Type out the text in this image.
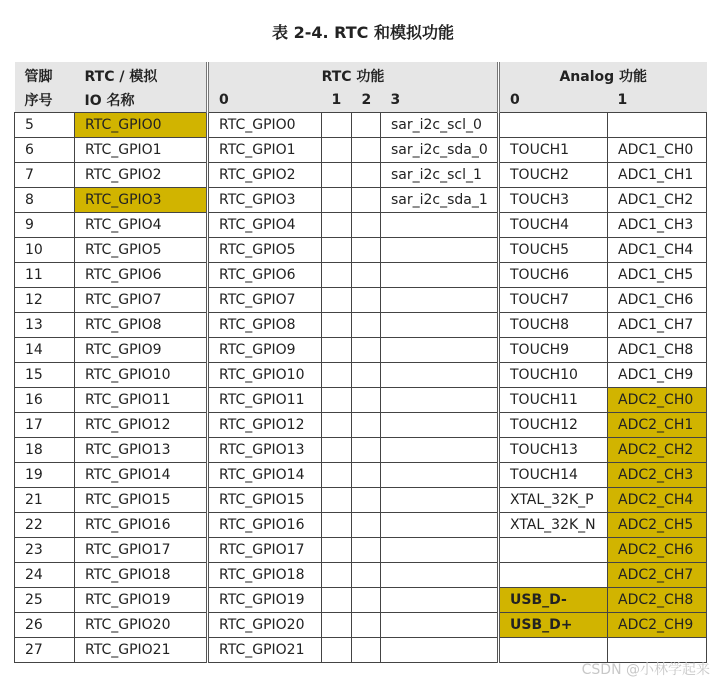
表 2-4. RTC 和模拟功能
管脚	RTC / 模拟	RTC 功能				Analog 功能	
序号	IO 名称	0	1	2	3	0	1
5	RTC_GPIO0	RTC_GPIO0			sar_i2c_scl_0		
6	RTC_GPIO1	RTC_GPIO1			sar_i2c_sda_0	TOUCH1	ADC1_CH0
7	RTC_GPIO2	RTC_GPIO2			sar_i2c_scl_1	TOUCH2	ADC1_CH1
8	RTC_GPIO3	RTC_GPIO3			sar_i2c_sda_1	TOUCH3	ADC1_CH2
9	RTC_GPIO4	RTC_GPIO4				TOUCH4	ADC1_CH3
10	RTC_GPIO5	RTC_GPIO5				TOUCH5	ADC1_CH4
11	RTC_GPIO6	RTC_GPIO6				TOUCH6	ADC1_CH5
12	RTC_GPIO7	RTC_GPIO7				TOUCH7	ADC1_CH6
13	RTC_GPIO8	RTC_GPIO8				TOUCH8	ADC1_CH7
14	RTC_GPIO9	RTC_GPIO9				TOUCH9	ADC1_CH8
15	RTC_GPIO10	RTC_GPIO10				TOUCH10	ADC1_CH9
16	RTC_GPIO11	RTC_GPIO11				TOUCH11	ADC2_CH0
17	RTC_GPIO12	RTC_GPIO12				TOUCH12	ADC2_CH1
18	RTC_GPIO13	RTC_GPIO13				TOUCH13	ADC2_CH2
19	RTC_GPIO14	RTC_GPIO14				TOUCH14	ADC2_CH3
21	RTC_GPIO15	RTC_GPIO15				XTAL_32K_P	ADC2_CH4
22	RTC_GPIO16	RTC_GPIO16				XTAL_32K_N	ADC2_CH5
23	RTC_GPIO17	RTC_GPIO17					ADC2_CH6
24	RTC_GPIO18	RTC_GPIO18					ADC2_CH7
25	RTC_GPIO19	RTC_GPIO19				USB_D-	ADC2_CH8
26	RTC_GPIO20	RTC_GPIO20				USB_D+	ADC2_CH9
27	RTC_GPIO21	RTC_GPIO21					
CSDN @小林学起来
